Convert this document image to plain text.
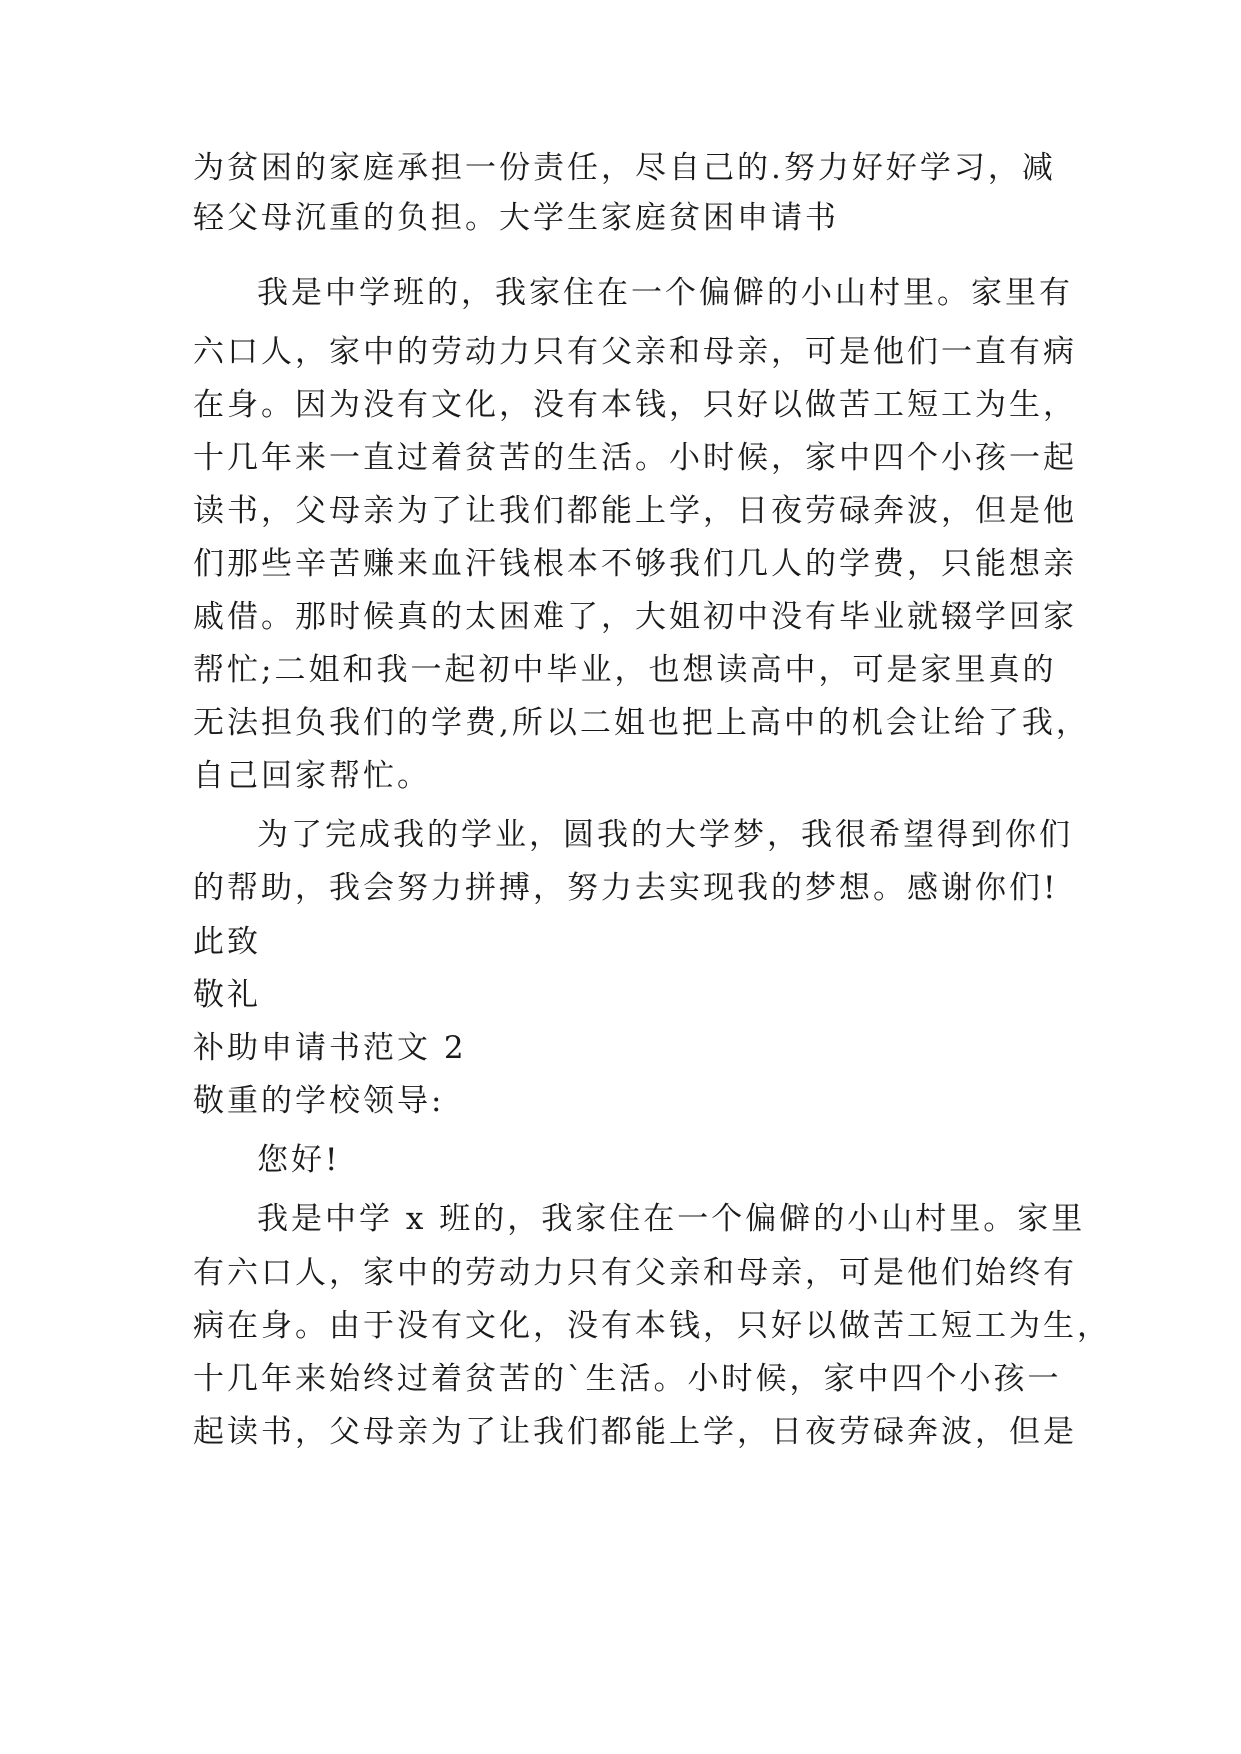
为贫困的家庭承担一份责任，尽自己的.努力好好学习，减
轻父母沉重的负担。大学生家庭贫困申请书
我是中学班的，我家住在一个偏僻的小山村里。家里有
六口人，家中的劳动力只有父亲和母亲，可是他们一直有病
在身。因为没有文化，没有本钱，只好以做苦工短工为生，
十几年来一直过着贫苦的生活。小时候，家中四个小孩一起
读书，父母亲为了让我们都能上学，日夜劳碌奔波，但是他
们那些辛苦赚来血汗钱根本不够我们几人的学费，只能想亲
戚借。那时候真的太困难了，大姐初中没有毕业就辍学回家
帮忙;二姐和我一起初中毕业，也想读高中，可是家里真的
无法担负我们的学费,所以二姐也把上高中的机会让给了我，
自己回家帮忙。
为了完成我的学业，圆我的大学梦，我很希望得到你们
的帮助，我会努力拼搏，努力去实现我的梦想。感谢你们!
此致
敬礼
补助申请书范文 2
敬重的学校领导:
您好!
我是中学 x 班的，我家住在一个偏僻的小山村里。家里
有六口人，家中的劳动力只有父亲和母亲，可是他们始终有
病在身。由于没有文化，没有本钱，只好以做苦工短工为生，
十几年来始终过着贫苦的`生活。小时候，家中四个小孩一
起读书，父母亲为了让我们都能上学，日夜劳碌奔波，但是
